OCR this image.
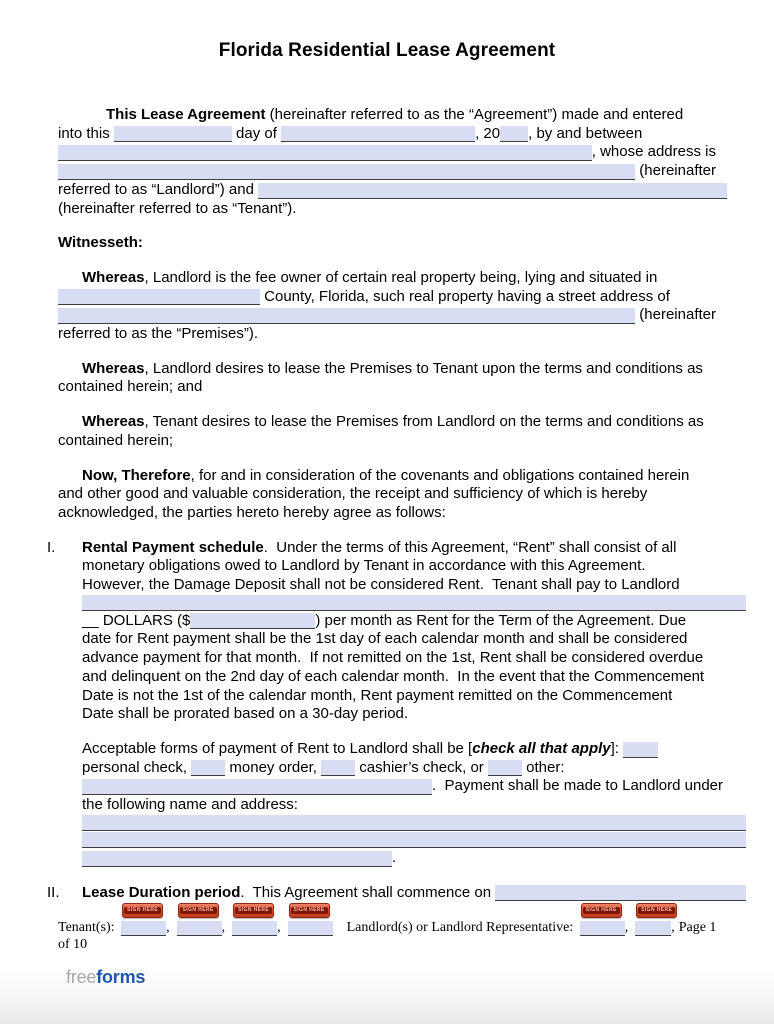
Florida Residential Lease Agreement
This Lease Agreement (hereinafter referred to as the “Agreement”) made and entered
into this	day of	, 20 , by and between
, whose address is
(hereinafter
referred to as “Landlord”) and
(hereinafter referred to as “Tenant”).
Witnesseth:
Whereas , Landlord is the fee owner of certain real property being, lying and situated in
County, Florida, such real property having a street address of
(hereinafter
referred to as the “Premises”).
Whereas , Landlord desires to lease the Premises to Tenant upon the terms and conditions as
contained herein; and
Whereas , Tenant desires to lease the Premises from Landlord on the terms and conditions as
contained herein;
Now, Therefore , for and in consideration of the covenants and obligations contained herein
and other good and valuable consideration, the receipt and sufficiency of which is hereby
acknowledged, the parties hereto hereby agree as follows:
I.	Rental Payment schedule .  Under the terms of this Agreement, “Rent” shall consist of all
monetary obligations owed to Landlord by Tenant in accordance with this Agreement.
However, the Damage Deposit shall not be considered Rent.  Tenant shall pay to Landlord
__ DOLLARS ($	) per month as Rent for the Term of the Agreement. Due
date for Rent payment shall be the 1st day of each calendar month and shall be considered
advance payment for that month.  If not remitted on the 1st, Rent shall be considered overdue
and delinquent on the 2nd day of each calendar month.  In the event that the Commencement
Date is not the 1st of the calendar month, Rent payment remitted on the Commencement
Date shall be prorated based on a 30-day period.
Acceptable forms of payment of Rent to Landlord shall be [ check all that apply ]:
personal check, money order, cashier’s check, or other:
.  Payment shall be made to Landlord under
the following name and address:
.
II.	Lease Duration period .  This Agreement shall commence on
Tenant(s):

SIGN HERE

,

SIGN HERE

,

SIGN HERE

,

SIGN HERE

Landlord(s) or Landlord Representative:

SIGN HERE

,

SIGN HERE

, Page 1
of 10
freeforms
